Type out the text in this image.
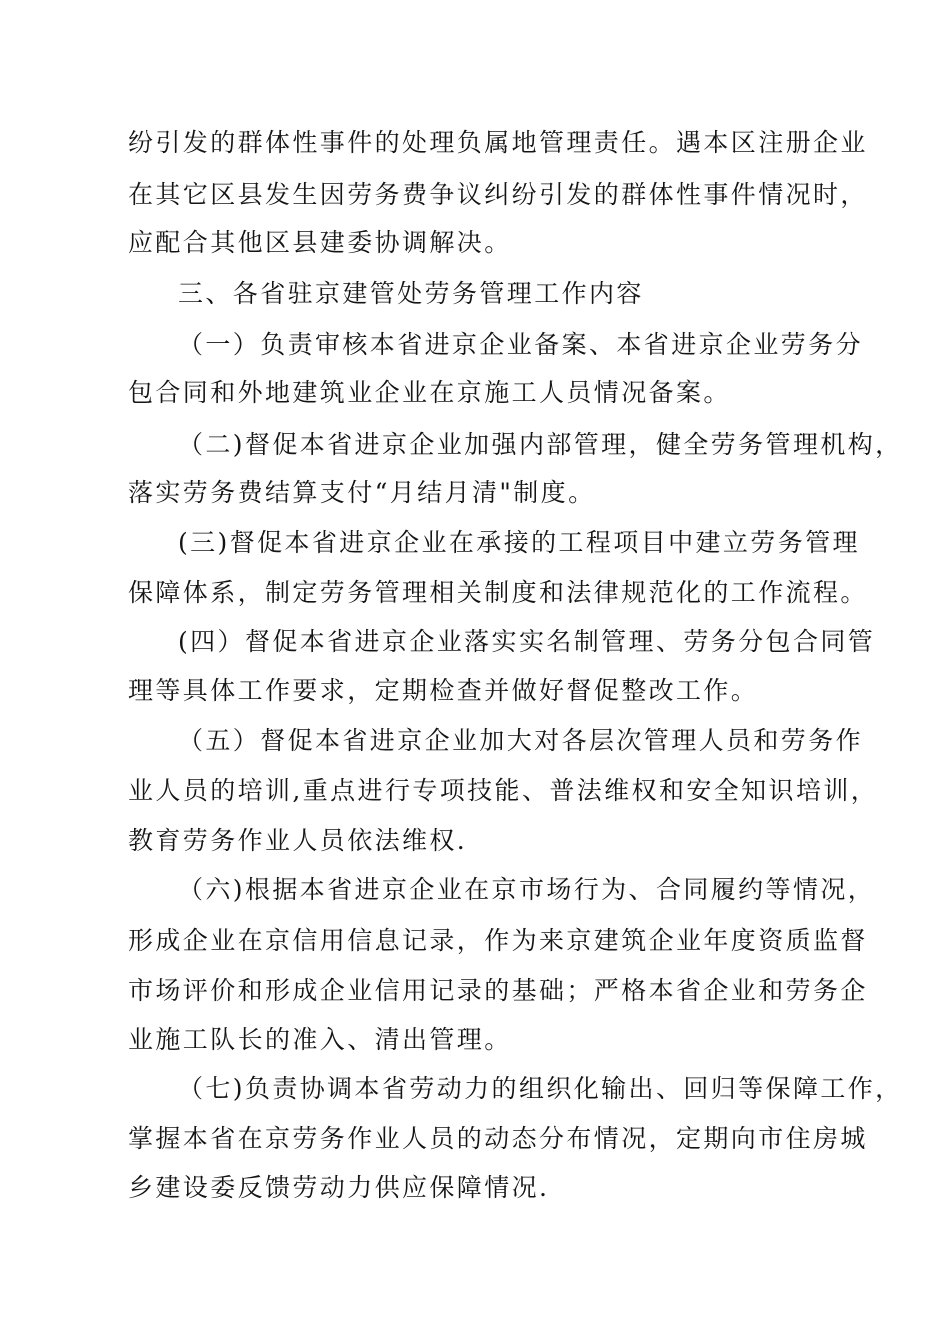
纷引发的群体性事件的处理负属地管理责任。遇本区注册企业
在其它区县发生因劳务费争议纠纷引发的群体性事件情况时，
应配合其他区县建委协调解决。
三、各省驻京建管处劳务管理工作内容
（一）负责审核本省进京企业备案、本省进京企业劳务分
包合同和外地建筑业企业在京施工人员情况备案。
（二)督促本省进京企业加强内部管理，健全劳务管理机构，
落实劳务费结算支付“月结月清"制度。
(三)督促本省进京企业在承接的工程项目中建立劳务管理
保障体系，制定劳务管理相关制度和法律规范化的工作流程。
(四）督促本省进京企业落实实名制管理、劳务分包合同管
理等具体工作要求，定期检查并做好督促整改工作。
（五）督促本省进京企业加大对各层次管理人员和劳务作
业人员的培训,重点进行专项技能、普法维权和安全知识培训，
教育劳务作业人员依法维权.
（六)根据本省进京企业在京市场行为、合同履约等情况，
形成企业在京信用信息记录，作为来京建筑企业年度资质监督
市场评价和形成企业信用记录的基础；严格本省企业和劳务企
业施工队长的准入、清出管理。
（七)负责协调本省劳动力的组织化输出、回归等保障工作，
掌握本省在京劳务作业人员的动态分布情况，定期向市住房城
乡建设委反馈劳动力供应保障情况.
